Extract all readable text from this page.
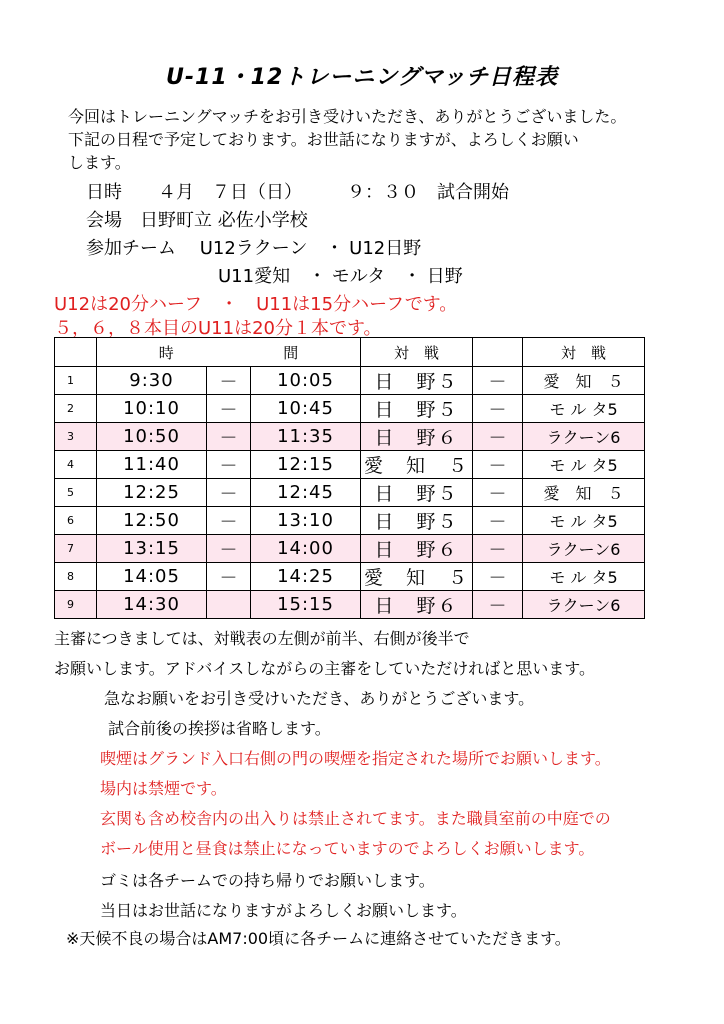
U-11・12トレーニングマッチ日程表
今回はトレーニングマッチをお引き受けいただき、ありがとうございました。
下記の日程で予定しております。お世話になりますが、よろしくお願い
します。
日時　　４月　７日（日）　　　９：３０　試合開始
会場　日野町立 必佐小学校
参加チーム　 U12ラクーン　・ U12日野
U11愛知　・ モルタ　・ 日野
U12は20分ハーフ　・　U11は15分ハーフです。
５，６，８本目のU11は20分１本です。
	時 間			対　戦		対　戦
1	9:30	－	10:05	日　野５	－	愛　知　５
2	10:10	－	10:45	日　野５	－	モ ル タ5
3	10:50	－	11:35	日　野６	－	ラクーン6
4	11:40	－	12:15	愛　知　５	－	モ ル タ5
5	12:25	－	12:45	日　野５	－	愛　知　５
6	12:50	－	13:10	日　野５	－	モ ル タ5
7	13:15	－	14:00	日　野６	－	ラクーン6
8	14:05	－	14:25	愛　知　５	－	モ ル タ5
9	14:30		15:15	日　野６	－	ラクーン6
主審につきましては、対戦表の左側が前半、右側が後半で
お願いします。アドバイスしながらの主審をしていただければと思います。
急なお願いをお引き受けいただき、ありがとうございます。
試合前後の挨拶は省略します。
喫煙はグランド入口右側の門の喫煙を指定された場所でお願いします。
場内は禁煙です。
玄関も含め校舎内の出入りは禁止されてます。また職員室前の中庭での
ボール使用と昼食は禁止になっていますのでよろしくお願いします。
ゴミは各チームでの持ち帰りでお願いします。
当日はお世話になりますがよろしくお願いします。
※天候不良の場合はAM7:00頃に各チームに連絡させていただきます。
